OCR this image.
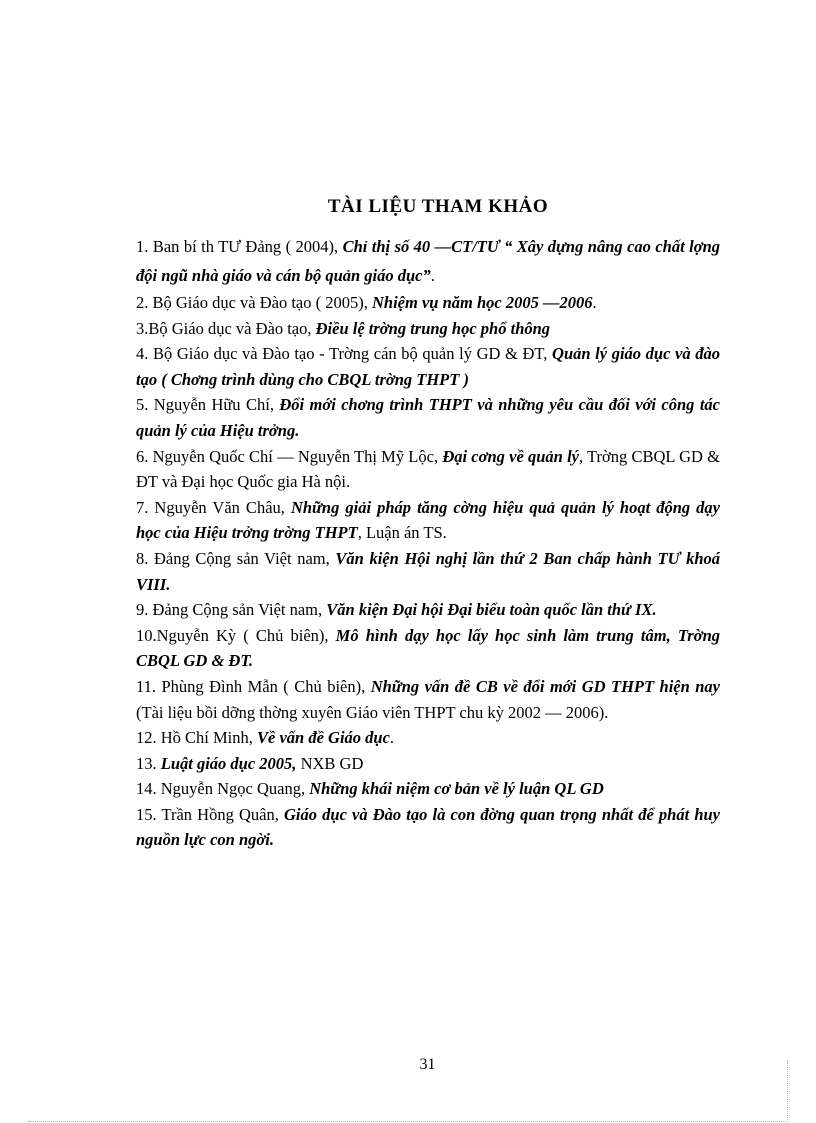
TÀI LIỆU THAM KHẢO

1. Ban bí th TƯ Đảng ( 2004), Chỉ thị số 40 —CT/TƯ “ Xây dựng nâng cao chất lợng đội ngũ nhà giáo và cán bộ quản giáo dục”.

2. Bộ Giáo dục và Đào tạo ( 2005), Nhiệm vụ năm học 2005 —2006.

3.Bộ Giáo dục và Đào tạo, Điều lệ trờng trung học phổ thông

4. Bộ Giáo dục và Đào tạo - Trờng cán bộ quản lý GD & ĐT, Quản lý giáo dục và đào tạo ( Chơng trình dùng cho CBQL trờng THPT )

5. Nguyễn Hữu Chí, Đổi mới chơng trình THPT và những yêu cầu đối với công tác quản lý của Hiệu trởng.

6. Nguyễn Quốc Chí — Nguyễn Thị Mỹ Lộc, Đại cơng về quản lý, Trờng CBQL GD & ĐT và Đại học Quốc gia Hà nội.

7. Nguyễn Văn Châu, Những giải pháp tăng cờng hiệu quả quản lý hoạt động dạy học của Hiệu trởng trờng THPT, Luận án TS.

8. Đảng Cộng sản Việt nam, Văn kiện Hội nghị lần thứ 2 Ban chấp hành TƯ khoá VIII.

9. Đảng Cộng sản Việt nam, Văn kiện Đại hội Đại biểu toàn quốc lần thứ IX.

10.Nguyễn Kỳ ( Chủ biên), Mô hình dạy học lấy học sinh làm trung tâm, Trờng CBQL GD & ĐT.

11. Phùng Đình Mẫn ( Chủ biên), Những vấn đề CB về đổi mới GD THPT hiện nay (Tài liệu bồi dỡng thờng xuyên Giáo viên THPT chu kỳ 2002 — 2006).

12. Hồ Chí Minh, Về vấn đề Giáo dục.

13. Luật giáo dục 2005, NXB GD

14. Nguyễn Ngọc Quang, Những khái niệm cơ bản về lý luận QL GD

15. Trần Hồng Quân, Giáo dục và Đào tạo là con đờng quan trọng nhất để phát huy nguồn lực con ngời.

31
